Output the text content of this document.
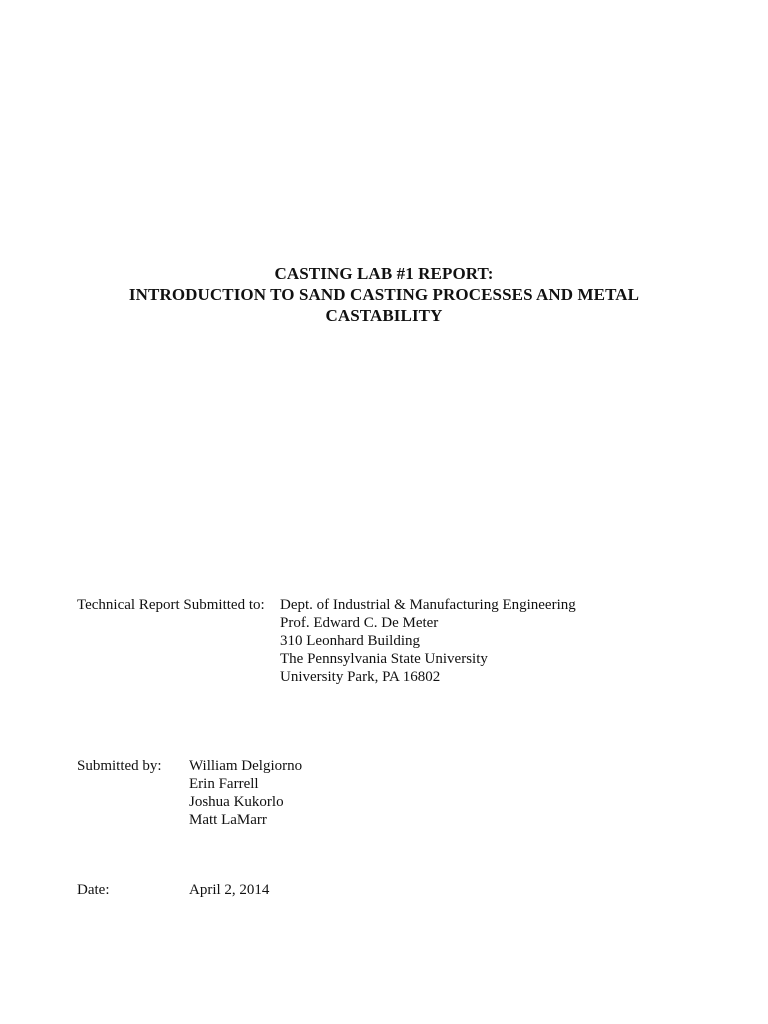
CASTING LAB #1 REPORT:
INTRODUCTION TO SAND CASTING PROCESSES AND METAL
CASTABILITY
Technical Report Submitted to: Dept. of Industrial & Manufacturing Engineering
Prof. Edward C. De Meter
310 Leonhard Building
The Pennsylvania State University
University Park, PA 16802
Submitted by: William Delgiorno
Erin Farrell
Joshua Kukorlo
Matt LaMarr
Date:	April 2, 2014
